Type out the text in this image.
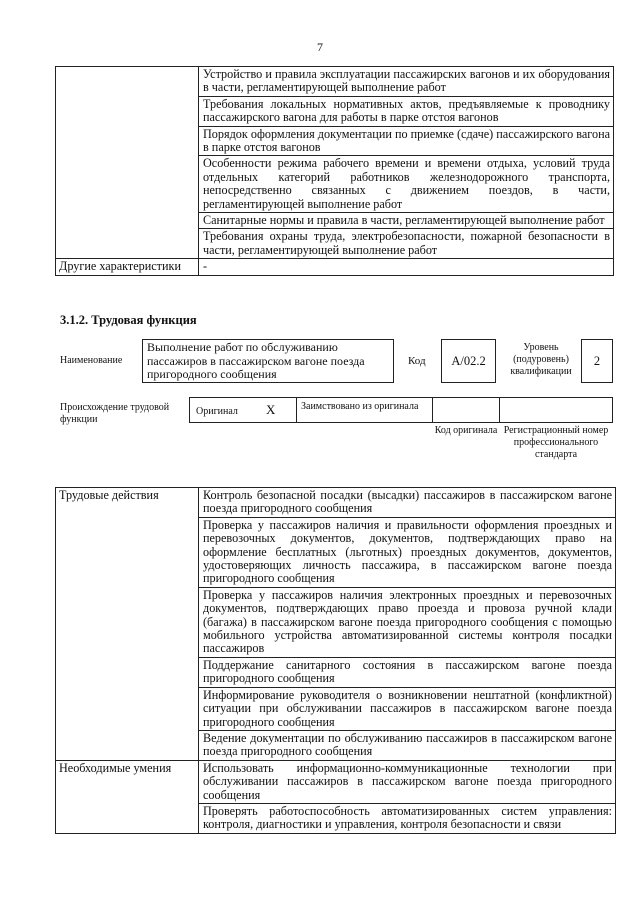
7
	Устройство и правила эксплуатации пассажирских вагонов и их оборудования в части, регламентирующей выполнение работ
	Требования локальных нормативных актов, предъявляемые к проводнику пассажирского вагона для работы в парке отстоя вагонов
	Порядок оформления документации по приемке (сдаче) пассажирского вагона в парке отстоя вагонов
	Особенности режима рабочего времени и времени отдыха, условий труда отдельных категорий работников железнодорожного транспорта, непосредственно связанных с движением поездов, в части, регламентирующей выполнение работ
	Санитарные нормы и правила в части, регламентирующей выполнение работ
	Требования охраны труда, электробезопасности, пожарной безопасности в части, регламентирующей выполнение работ
Другие характеристики	-
3.1.2. Трудовая функция
Наименование
Выполнение работ по обслуживанию пассажиров в пассажирском вагоне поезда пригородного сообщения
Код	А/02.2
Уровень (подуровень) квалификации
2
Происхождение трудовой функции
Оригинал X	Заимствовано из оригинала
Код оригинала Регистрационный номер профессионального стандарта
Трудовые действия	Контроль безопасной посадки (высадки) пассажиров в пассажирском вагоне поезда пригородного сообщения
	Проверка у пассажиров наличия и правильности оформления проездных и перевозочных документов, документов, подтверждающих право на оформление бесплатных (льготных) проездных документов, документов, удостоверяющих личность пассажира, в пассажирском вагоне поезда пригородного сообщения
	Проверка у пассажиров наличия электронных проездных и перевозочных документов, подтверждающих право проезда и провоза ручной клади (багажа) в пассажирском вагоне поезда пригородного сообщения с помощью мобильного устройства автоматизированной системы контроля посадки пассажиров
	Поддержание санитарного состояния в пассажирском вагоне поезда пригородного сообщения
	Информирование руководителя о возникновении нештатной (конфликтной) ситуации при обслуживании пассажиров в пассажирском вагоне поезда пригородного сообщения
	Ведение документации по обслуживанию пассажиров в пассажирском вагоне поезда пригородного сообщения
Необходимые умения	Использовать информационно-коммуникационные технологии при обслуживании пассажиров в пассажирском вагоне поезда пригородного сообщения
	Проверять работоспособность автоматизированных систем управления: контроля, диагностики и управления, контроля безопасности и связи
